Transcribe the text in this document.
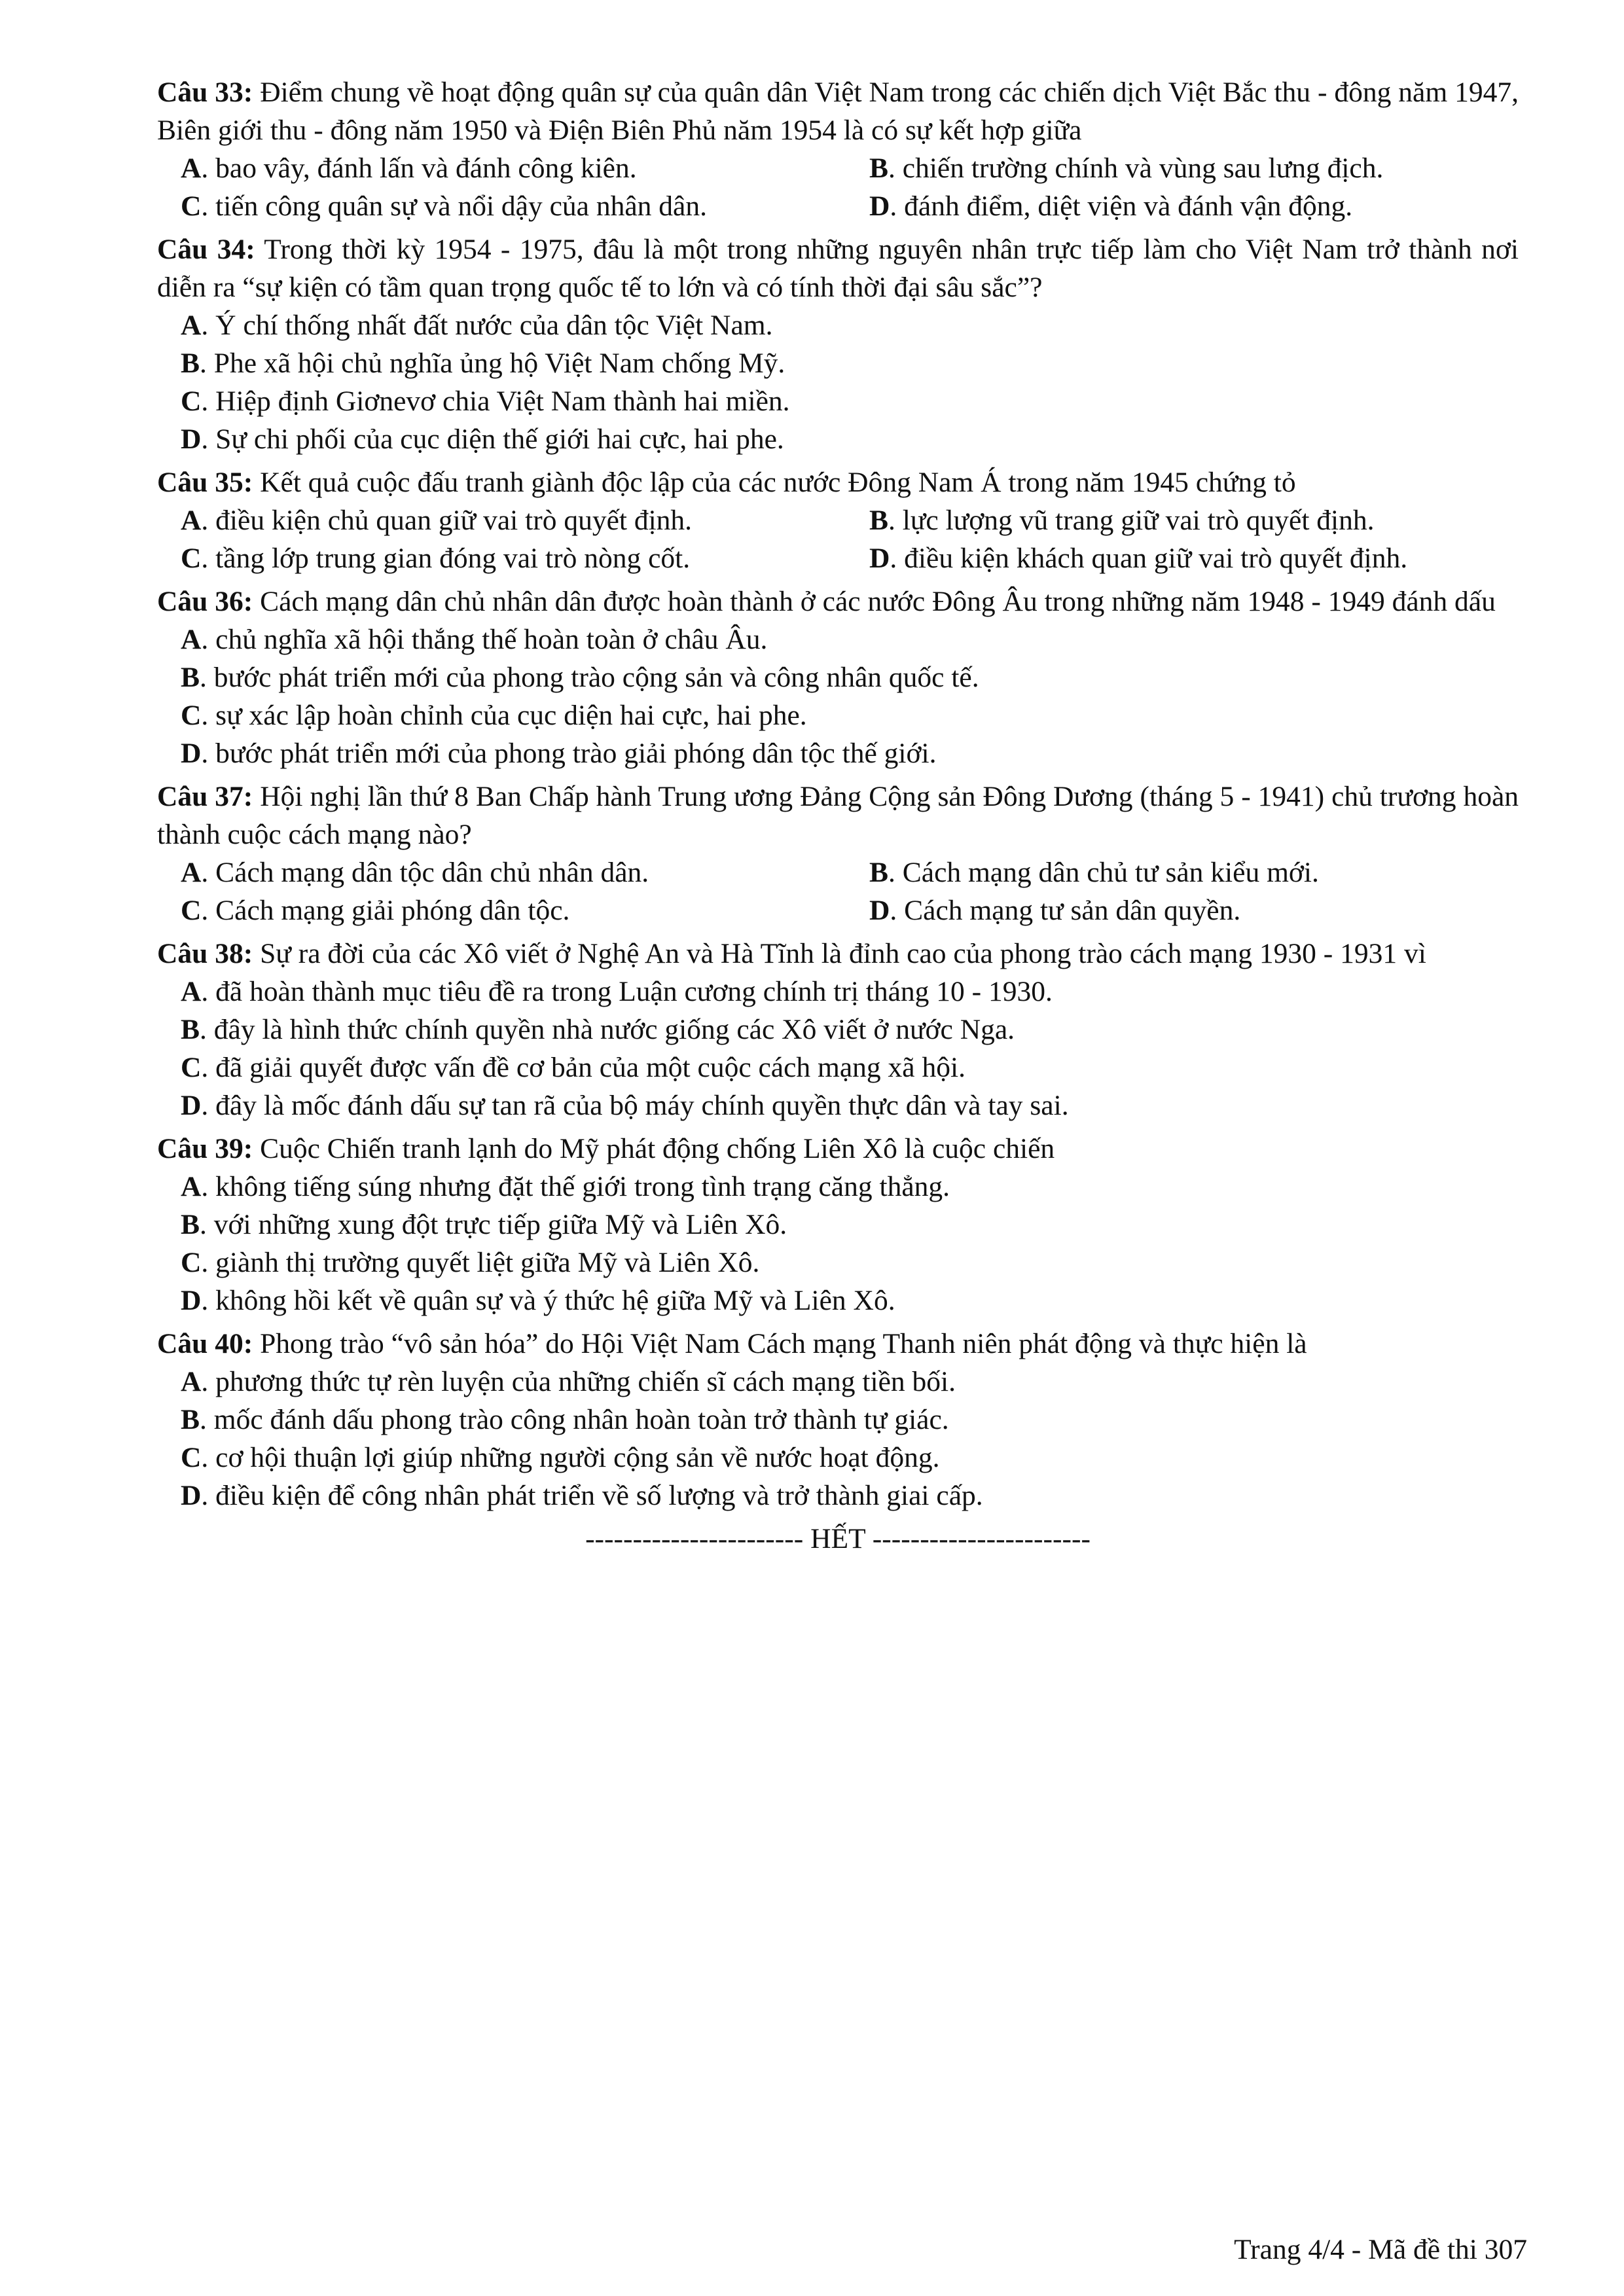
Câu 33: Điểm chung về hoạt động quân sự của quân dân Việt Nam trong các chiến dịch Việt Bắc thu - đông năm 1947, Biên giới thu - đông năm 1950 và Điện Biên Phủ năm 1954 là có sự kết hợp giữa
A. bao vây, đánh lấn và đánh công kiên.	B. chiến trường chính và vùng sau lưng địch.
C. tiến công quân sự và nổi dậy của nhân dân.	D. đánh điểm, diệt viện và đánh vận động.
Câu 34: Trong thời kỳ 1954 - 1975, đâu là một trong những nguyên nhân trực tiếp làm cho Việt Nam trở thành nơi diễn ra “sự kiện có tầm quan trọng quốc tế to lớn và có tính thời đại sâu sắc”?
A. Ý chí thống nhất đất nước của dân tộc Việt Nam.
B. Phe xã hội chủ nghĩa ủng hộ Việt Nam chống Mỹ.
C. Hiệp định Giơnevơ chia Việt Nam thành hai miền.
D. Sự chi phối của cục diện thế giới hai cực, hai phe.
Câu 35: Kết quả cuộc đấu tranh giành độc lập của các nước Đông Nam Á trong năm 1945 chứng tỏ
A. điều kiện chủ quan giữ vai trò quyết định.	B. lực lượng vũ trang giữ vai trò quyết định.
C. tầng lớp trung gian đóng vai trò nòng cốt.	D. điều kiện khách quan giữ vai trò quyết định.
Câu 36: Cách mạng dân chủ nhân dân được hoàn thành ở các nước Đông Âu trong những năm 1948 - 1949 đánh dấu
A. chủ nghĩa xã hội thắng thế hoàn toàn ở châu Âu.
B. bước phát triển mới của phong trào cộng sản và công nhân quốc tế.
C. sự xác lập hoàn chỉnh của cục diện hai cực, hai phe.
D. bước phát triển mới của phong trào giải phóng dân tộc thế giới.
Câu 37: Hội nghị lần thứ 8 Ban Chấp hành Trung ương Đảng Cộng sản Đông Dương (tháng 5 - 1941) chủ trương hoàn thành cuộc cách mạng nào?
A. Cách mạng dân tộc dân chủ nhân dân.	B. Cách mạng dân chủ tư sản kiểu mới.
C. Cách mạng giải phóng dân tộc.	D. Cách mạng tư sản dân quyền.
Câu 38: Sự ra đời của các Xô viết ở Nghệ An và Hà Tĩnh là đỉnh cao của phong trào cách mạng 1930 - 1931 vì
A. đã hoàn thành mục tiêu đề ra trong Luận cương chính trị tháng 10 - 1930.
B. đây là hình thức chính quyền nhà nước giống các Xô viết ở nước Nga.
C. đã giải quyết được vấn đề cơ bản của một cuộc cách mạng xã hội.
D. đây là mốc đánh dấu sự tan rã của bộ máy chính quyền thực dân và tay sai.
Câu 39: Cuộc Chiến tranh lạnh do Mỹ phát động chống Liên Xô là cuộc chiến
A. không tiếng súng nhưng đặt thế giới trong tình trạng căng thẳng.
B. với những xung đột trực tiếp giữa Mỹ và Liên Xô.
C. giành thị trường quyết liệt giữa Mỹ và Liên Xô.
D. không hồi kết về quân sự và ý thức hệ giữa Mỹ và Liên Xô.
Câu 40: Phong trào “vô sản hóa” do Hội Việt Nam Cách mạng Thanh niên phát động và thực hiện là
A. phương thức tự rèn luyện của những chiến sĩ cách mạng tiền bối.
B. mốc đánh dấu phong trào công nhân hoàn toàn trở thành tự giác.
C. cơ hội thuận lợi giúp những người cộng sản về nước hoạt động.
D. điều kiện để công nhân phát triển về số lượng và trở thành giai cấp.
----------------------- HẾT -----------------------
Trang 4/4 - Mã đề thi 307
